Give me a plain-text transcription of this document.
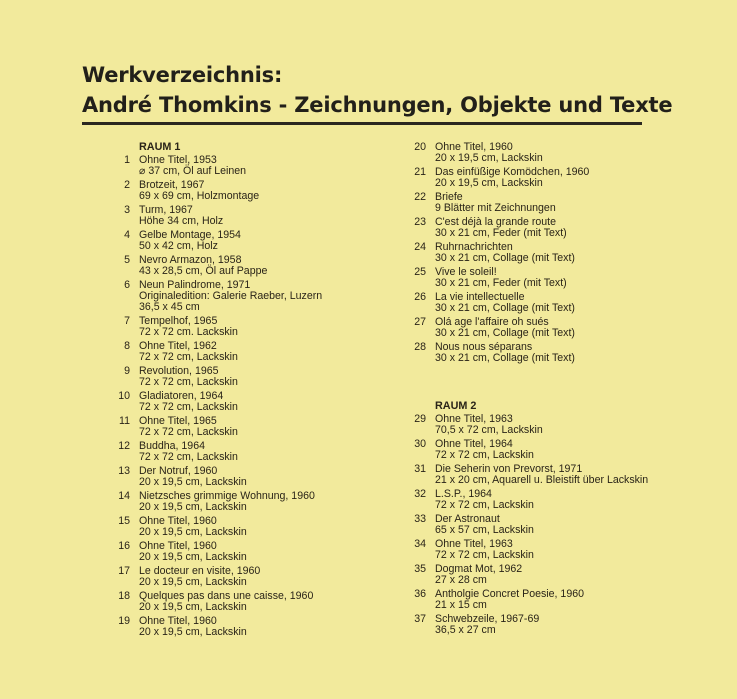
Werkverzeichnis:
André Thomkins - Zeichnungen, Objekte und Texte
RAUM 1
1 Ohne Titel, 1953
⌀ 37 cm, Öl auf Leinen
2 Brotzeit, 1967
69 x 69 cm, Holzmontage
3 Turm, 1967
Höhe 34 cm, Holz
4 Gelbe Montage, 1954
50 x 42 cm, Holz
5 Nevro Armazon, 1958
43 x 28,5 cm, Öl auf Pappe
6 Neun Palindrome, 1971
Originaledition: Galerie Raeber, Luzern
36,5 x 45 cm
7 Tempelhof, 1965
72 x 72 cm. Lackskin
8 Ohne Titel, 1962
72 x 72 cm, Lackskin
9 Revolution, 1965
72 x 72 cm, Lackskin
10 Gladiatoren, 1964
72 x 72 cm, Lackskin
11 Ohne Titel, 1965
72 x 72 cm, Lackskin
12 Buddha, 1964
72 x 72 cm, Lackskin
13 Der Notruf, 1960
20 x 19,5 cm, Lackskin
14 Nietzsches grimmige Wohnung, 1960
20 x 19,5 cm, Lackskin
15 Ohne Titel, 1960
20 x 19,5 cm, Lackskin
16 Ohne Titel, 1960
20 x 19,5 cm, Lackskin
17 Le docteur en visite, 1960
20 x 19,5 cm, Lackskin
18 Quelques pas dans une caisse, 1960
20 x 19,5 cm, Lackskin
19 Ohne Titel, 1960
20 x 19,5 cm, Lackskin
20 Ohne Titel, 1960
20 x 19,5 cm, Lackskin
21 Das einfüßige Komödchen, 1960
20 x 19,5 cm, Lackskin
22 Briefe
9 Blätter mit Zeichnungen
23 C'est déjà la grande route
30 x 21 cm, Feder (mit Text)
24 Ruhrnachrichten
30 x 21 cm, Collage (mit Text)
25 Vive le soleil!
30 x 21 cm, Feder (mit Text)
26 La vie intellectuelle
30 x 21 cm, Collage (mit Text)
27 Olá age l'affaire oh sués
30 x 21 cm, Collage (mit Text)
28 Nous nous séparans
30 x 21 cm, Collage (mit Text)
RAUM 2
29 Ohne Titel, 1963
70,5 x 72 cm, Lackskin
30 Ohne Titel, 1964
72 x 72 cm, Lackskin
31 Die Seherin von Prevorst, 1971
21 x 20 cm, Aquarell u. Bleistift über Lackskin
32 L.S.P., 1964
72 x 72 cm, Lackskin
33 Der Astronaut
65 x 57 cm, Lackskin
34 Ohne Titel, 1963
72 x 72 cm, Lackskin
35 Dogmat Mot, 1962
27 x 28 cm
36 Antholgie Concret Poesie, 1960
21 x 15 cm
37 Schwebzeile, 1967-69
36,5 x 27 cm
